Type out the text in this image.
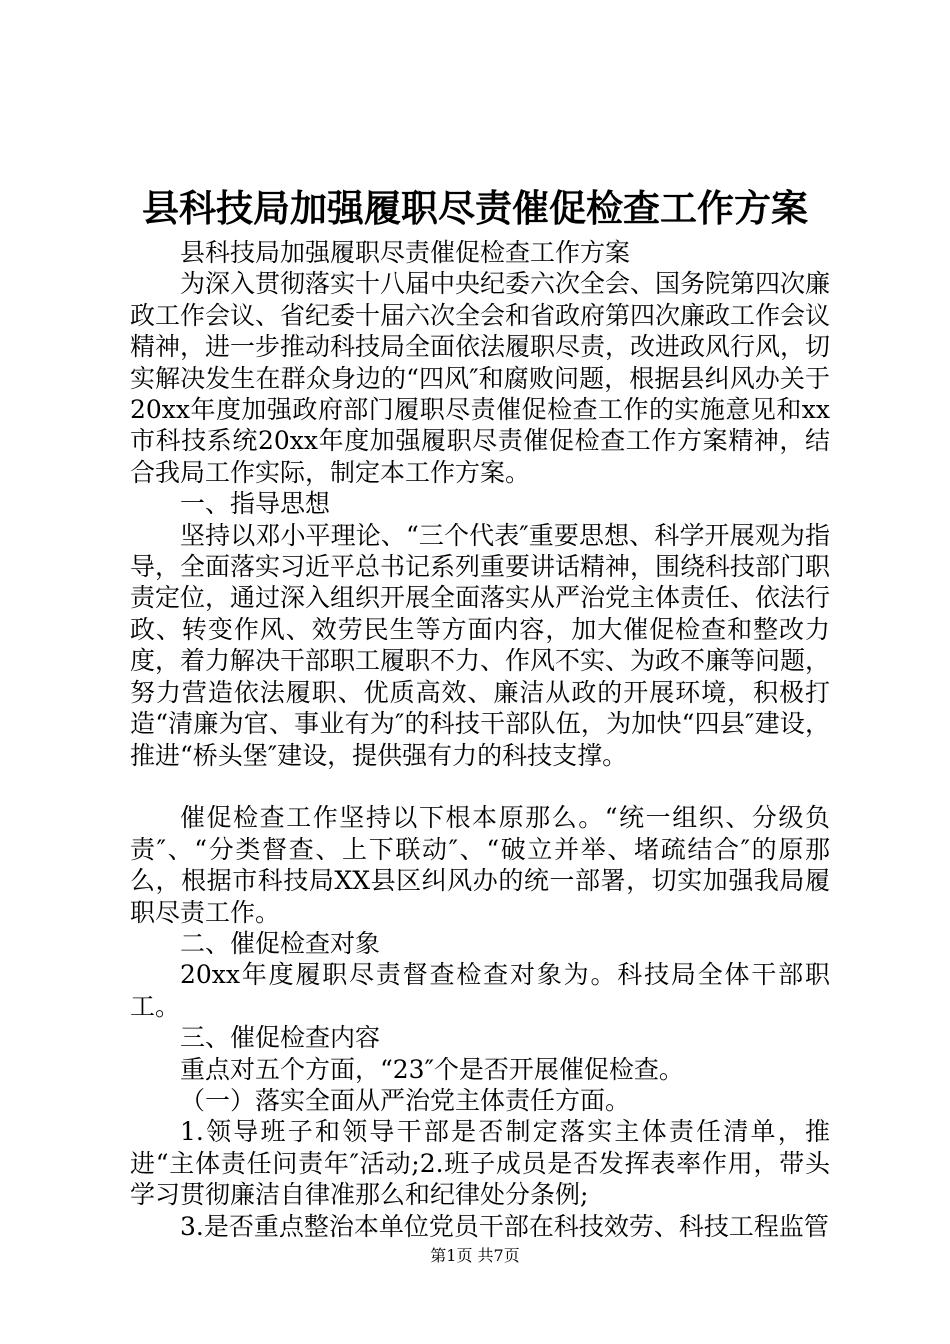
县科技局加强履职尽责催促检查工作方案

县科技局加强履职尽责催促检查工作方案

为深入贯彻落实十八届中央纪委六次全会、国务院第四次廉政工作会议、省纪委十届六次全会和省政府第四次廉政工作会议精神，进一步推动科技局全面依法履职尽责，改进政风行风，切实解决发生在群众身边的“四风″和腐败问题，根据县纠风办关于20xx年度加强政府部门履职尽责催促检查工作的实施意见和xx市科技系统20xx年度加强履职尽责催促检查工作方案精神，结合我局工作实际，制定本工作方案。

一、指导思想

坚持以邓小平理论、“三个代表″重要思想、科学开展观为指导，全面落实习近平总书记系列重要讲话精神，围绕科技部门职责定位，通过深入组织开展全面落实从严治党主体责任、依法行政、转变作风、效劳民生等方面内容，加大催促检查和整改力度，着力解决干部职工履职不力、作风不实、为政不廉等问题，努力营造依法履职、优质高效、廉洁从政的开展环境，积极打造“清廉为官、事业有为″的科技干部队伍，为加快“四县″建设，推进“桥头堡″建设，提供强有力的科技支撑。

催促检查工作坚持以下根本原那么。“统一组织、分级负责″、“分类督查、上下联动″、“破立并举、堵疏结合″的原那么，根据市科技局XX县区纠风办的统一部署，切实加强我局履职尽责工作。

二、催促检查对象

20xx年度履职尽责督查检查对象为。科技局全体干部职工。

三、催促检查内容

重点对五个方面，“23″个是否开展催促检查。

（一）落实全面从严治党主体责任方面。

1.领导班子和领导干部是否制定落实主体责任清单，推进“主体责任问责年″活动;2.班子成员是否发挥表率作用，带头学习贯彻廉洁自律准那么和纪律处分条例;

3.是否重点整治本单位党员干部在科技效劳、科技工程监管

第1页 共7页
